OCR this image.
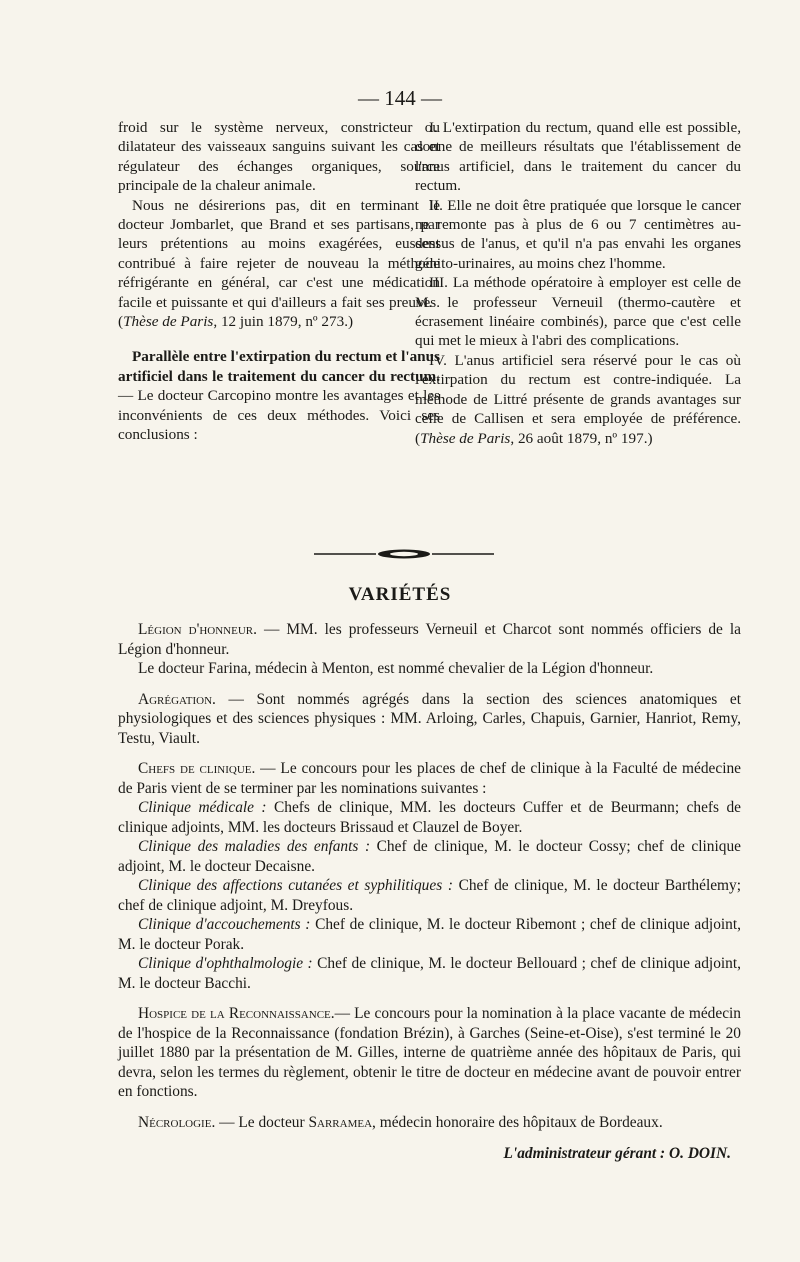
— 144 —

froid sur le système nerveux, constricteur ou dilatateur des vaisseaux sanguins suivant les cas et régulateur des échanges organiques, source principale de la chaleur animale.

Nous ne désirerions pas, dit en terminant le docteur Jombarlet, que Brand et ses partisans, par leurs prétentions au moins exagérées, eussent contribué à faire rejeter de nouveau la méthode réfrigérante en général, car c'est une médication facile et puissante et qui d'ailleurs a fait ses preuves. (Thèse de Paris, 12 juin 1879, nº 273.)

Parallèle entre l'extirpation du rectum et l'anus artificiel dans le traitement du cancer du rectum. — Le docteur Carcopino montre les avantages et les inconvénients de ces deux méthodes. Voici ses conclusions :

I. L'extirpation du rectum, quand elle est possible, donne de meilleurs résultats que l'établissement de l'anus artificiel, dans le traitement du cancer du rectum.

II. Elle ne doit être pratiquée que lorsque le cancer ne remonte pas à plus de 6 ou 7 centimètres au-dessus de l'anus, et qu'il n'a pas envahi les organes génito-urinaires, au moins chez l'homme.

III. La méthode opératoire à employer est celle de M. le professeur Verneuil (thermo-cautère et écrasement linéaire combinés), parce que c'est celle qui met le mieux à l'abri des complications.

IV. L'anus artificiel sera réservé pour le cas où l'extirpation du rectum est contre-indiquée. La méthode de Littré présente de grands avantages sur celle de Callisen et sera employée de préférence. (Thèse de Paris, 26 août 1879, nº 197.)

VARIÉTÉS

Légion d'honneur. — MM. les professeurs Verneuil et Charcot sont nommés officiers de la Légion d'honneur.

Le docteur Farina, médecin à Menton, est nommé chevalier de la Légion d'honneur.

Agrégation. — Sont nommés agrégés dans la section des sciences anatomiques et physiologiques et des sciences physiques : MM. Arloing, Carles, Chapuis, Garnier, Hanriot, Remy, Testu, Viault.

Chefs de clinique. — Le concours pour les places de chef de clinique à la Faculté de médecine de Paris vient de se terminer par les nominations suivantes :

Clinique médicale : Chefs de clinique, MM. les docteurs Cuffer et de Beurmann; chefs de clinique adjoints, MM. les docteurs Brissaud et Clauzel de Boyer.

Clinique des maladies des enfants : Chef de clinique, M. le docteur Cossy; chef de clinique adjoint, M. le docteur Decaisne.

Clinique des affections cutanées et syphilitiques : Chef de clinique, M. le docteur Barthélemy; chef de clinique adjoint, M. Dreyfous.

Clinique d'accouchements : Chef de clinique, M. le docteur Ribemont ; chef de clinique adjoint, M. le docteur Porak.

Clinique d'ophthalmologie : Chef de clinique, M. le docteur Bellouard ; chef de clinique adjoint, M. le docteur Bacchi.

Hospice de la Reconnaissance.— Le concours pour la nomination à la place vacante de médecin de l'hospice de la Reconnaissance (fondation Brézin), à Garches (Seine-et-Oise), s'est terminé le 20 juillet 1880 par la présentation de M. Gilles, interne de quatrième année des hôpitaux de Paris, qui devra, selon les termes du règlement, obtenir le titre de docteur en médecine avant de pouvoir entrer en fonctions.

Nécrologie. — Le docteur Sarramea, médecin honoraire des hôpitaux de Bordeaux.

L'administrateur gérant : O. DOIN.
